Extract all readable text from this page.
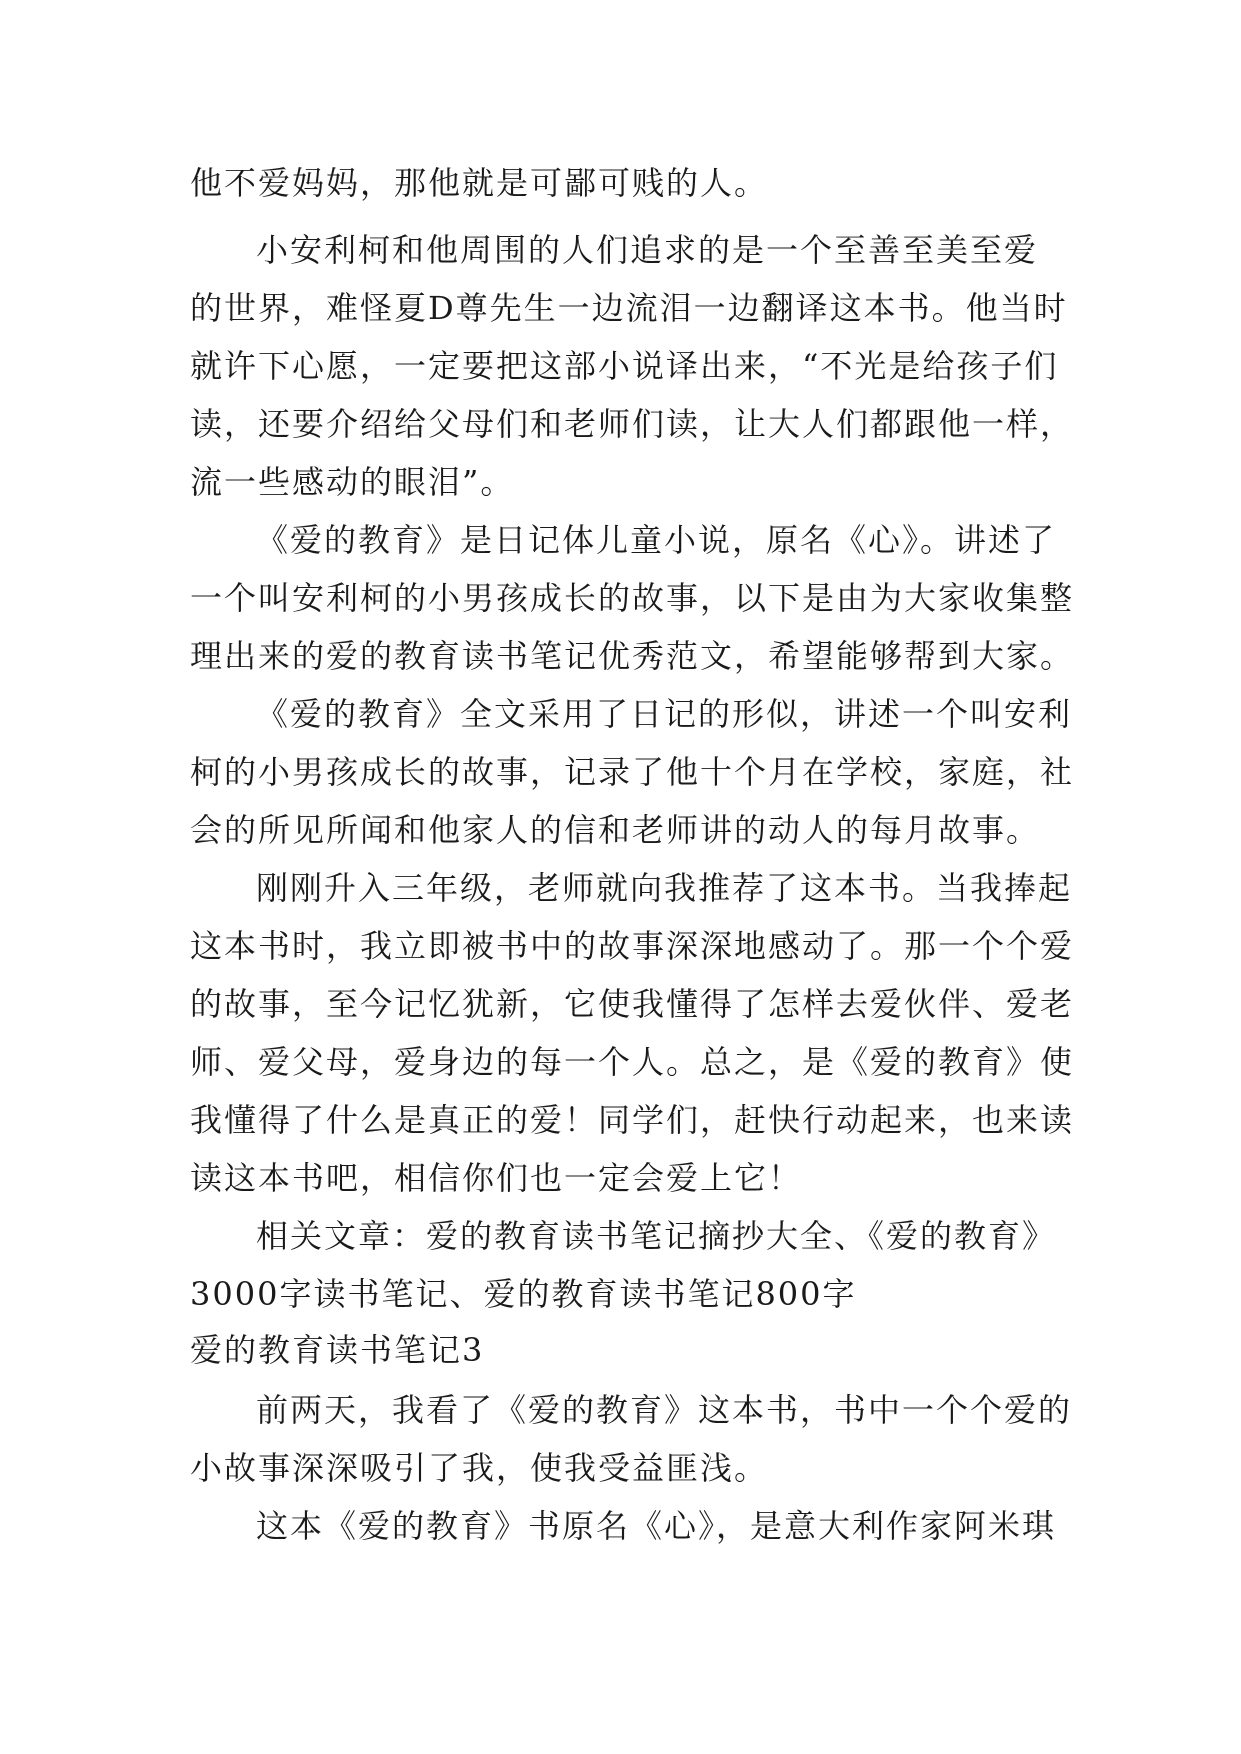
他不爱妈妈，那他就是可鄙可贱的人。
小安利柯和他周围的人们追求的是一个至善至美至爱
的世界，难怪夏D尊先生一边流泪一边翻译这本书。他当时
就许下心愿，一定要把这部小说译出来，“不光是给孩子们
读，还要介绍给父母们和老师们读，让大人们都跟他一样，
流一些感动的眼泪”。
《爱的教育》是日记体儿童小说，原名《心》。讲述了
一个叫安利柯的小男孩成长的故事，以下是由为大家收集整
理出来的爱的教育读书笔记优秀范文，希望能够帮到大家。
《爱的教育》全文采用了日记的形似，讲述一个叫安利
柯的小男孩成长的故事，记录了他十个月在学校，家庭，社
会的所见所闻和他家人的信和老师讲的动人的每月故事。
刚刚升入三年级，老师就向我推荐了这本书。当我捧起
这本书时，我立即被书中的故事深深地感动了。那一个个爱
的故事，至今记忆犹新，它使我懂得了怎样去爱伙伴、爱老
师、爱父母，爱身边的每一个人。总之，是《爱的教育》使
我懂得了什么是真正的爱！同学们，赶快行动起来，也来读
读这本书吧，相信你们也一定会爱上它！
相关文章：爱的教育读书笔记摘抄大全、《爱的教育》
3000字读书笔记、爱的教育读书笔记800字
爱的教育读书笔记3
前两天，我看了《爱的教育》这本书，书中一个个爱的
小故事深深吸引了我，使我受益匪浅。
这本《爱的教育》书原名《心》，是意大利作家阿米琪
